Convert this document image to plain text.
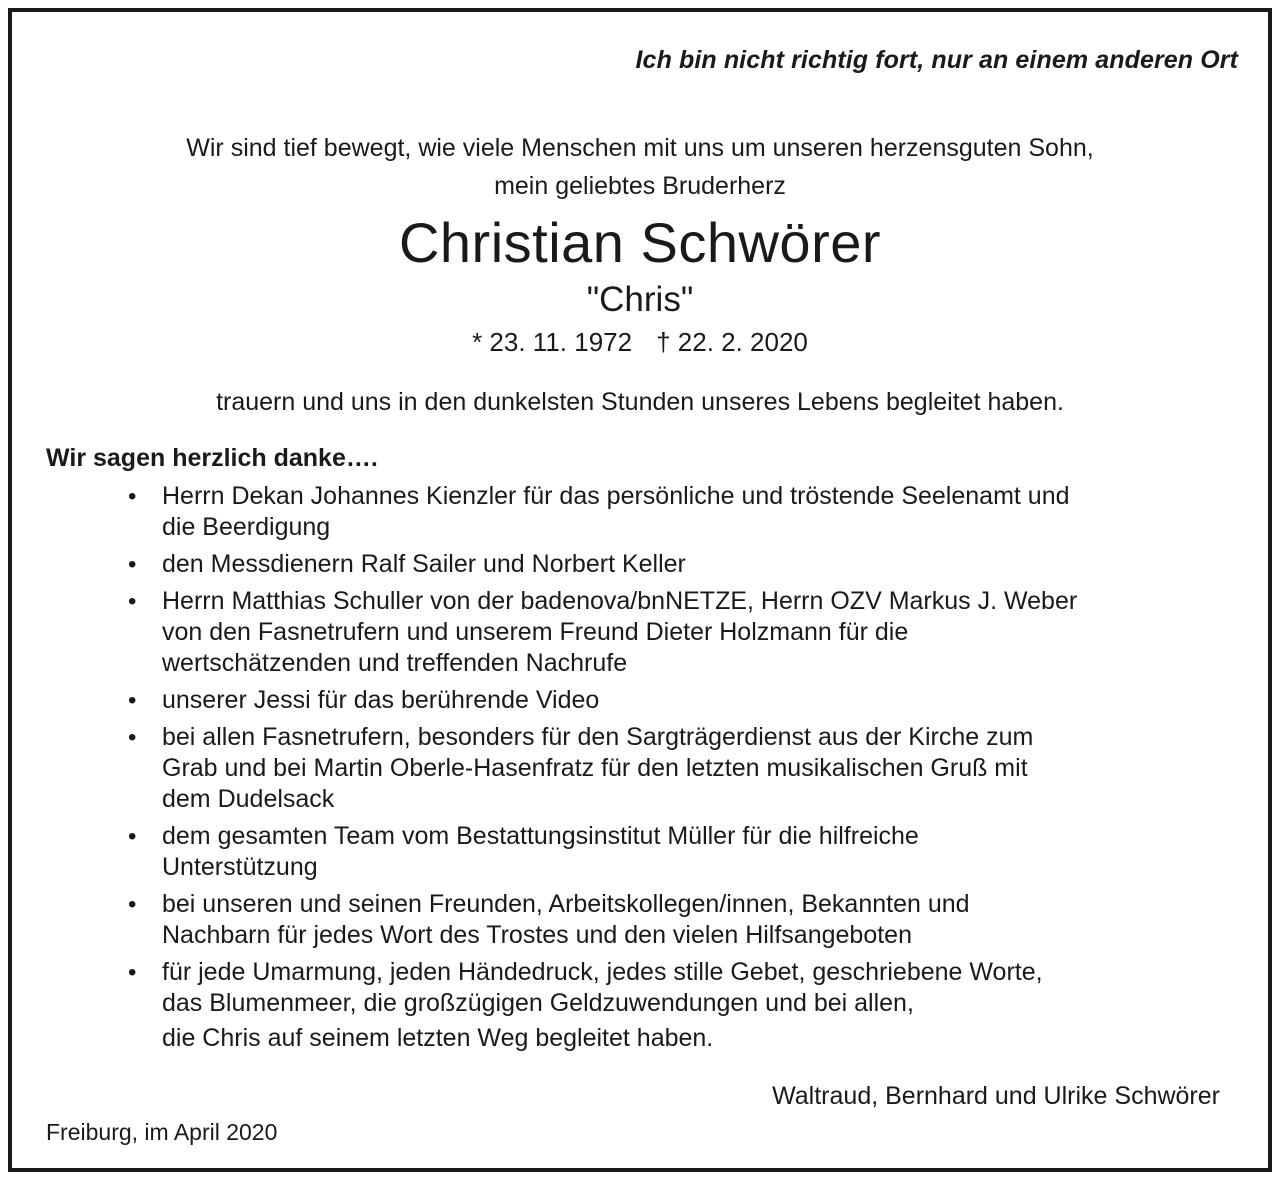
Ich bin nicht richtig fort, nur an einem anderen Ort
Wir sind tief bewegt, wie viele Menschen mit uns um unseren herzensguten Sohn,
mein geliebtes Bruderherz
Christian Schwörer
"Chris"
* 23. 11. 1972 † 22. 2. 2020
trauern und uns in den dunkelsten Stunden unseres Lebens begleitet haben.
Wir sagen herzlich danke….
• Herrn Dekan Johannes Kienzler für das persönliche und tröstende Seelenamt und
die Beerdigung
• den Messdienern Ralf Sailer und Norbert Keller
• Herrn Matthias Schuller von der badenova/bnNETZE, Herrn OZV Markus J. Weber
von den Fasnetrufern und unserem Freund Dieter Holzmann für die
wertschätzenden und treffenden Nachrufe
• unserer Jessi für das berührende Video
• bei allen Fasnetrufern, besonders für den Sargträgerdienst aus der Kirche zum
Grab und bei Martin Oberle-Hasenfratz für den letzten musikalischen Gruß mit
dem Dudelsack
• dem gesamten Team vom Bestattungsinstitut Müller für die hilfreiche
Unterstützung
• bei unseren und seinen Freunden, Arbeitskollegen/innen, Bekannten und
Nachbarn für jedes Wort des Trostes und den vielen Hilfsangeboten
• für jede Umarmung, jeden Händedruck, jedes stille Gebet, geschriebene Worte,
das Blumenmeer, die großzügigen Geldzuwendungen und bei allen,
die Chris auf seinem letzten Weg begleitet haben.
Waltraud, Bernhard und Ulrike Schwörer
Freiburg, im April 2020
